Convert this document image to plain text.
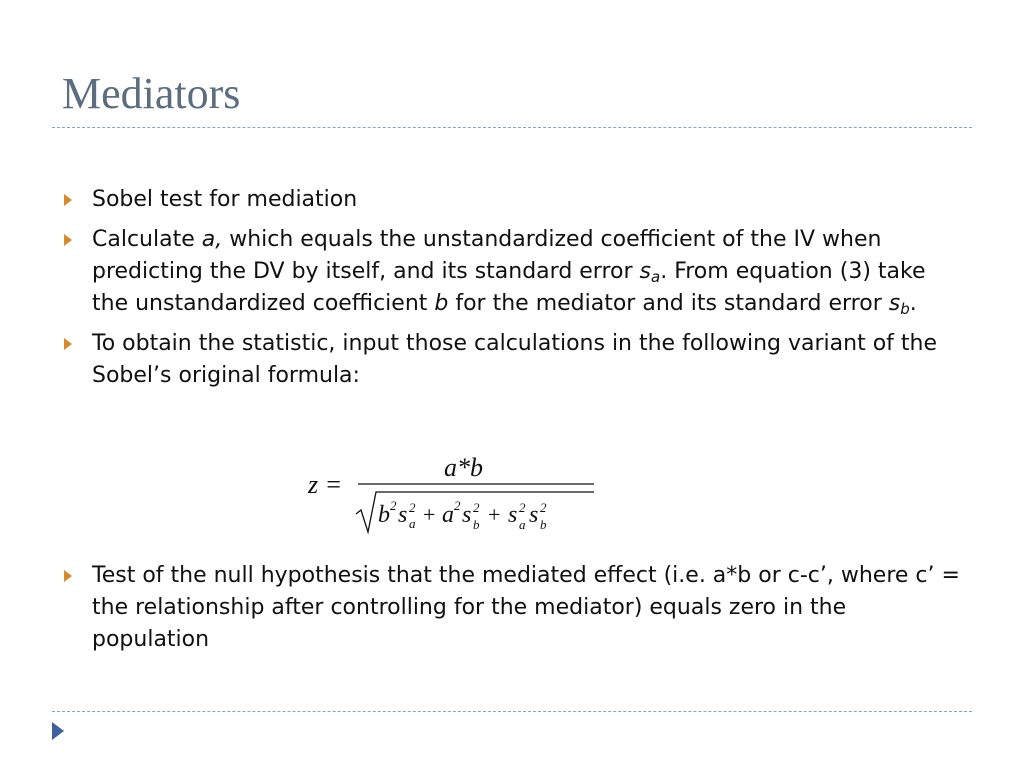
Mediators
Sobel test for mediation
Calculate a, which equals the unstandardized coefficient of the IV when predicting the DV by itself, and its standard error $s_a$. From equation (3) take the unstandardized coefficient b for the mediator and its standard error $s_b$.
To obtain the statistic, input those calculations in the following variant of the Sobel’s original formula:
z =
a*b
b 2 s a
2 + a 2 s b
2 + s a
2 s b
2
Test of the null hypothesis that the mediated effect (i.e. a*b or c-c’, where c’ = the relationship after controlling for the mediator) equals zero in the population
